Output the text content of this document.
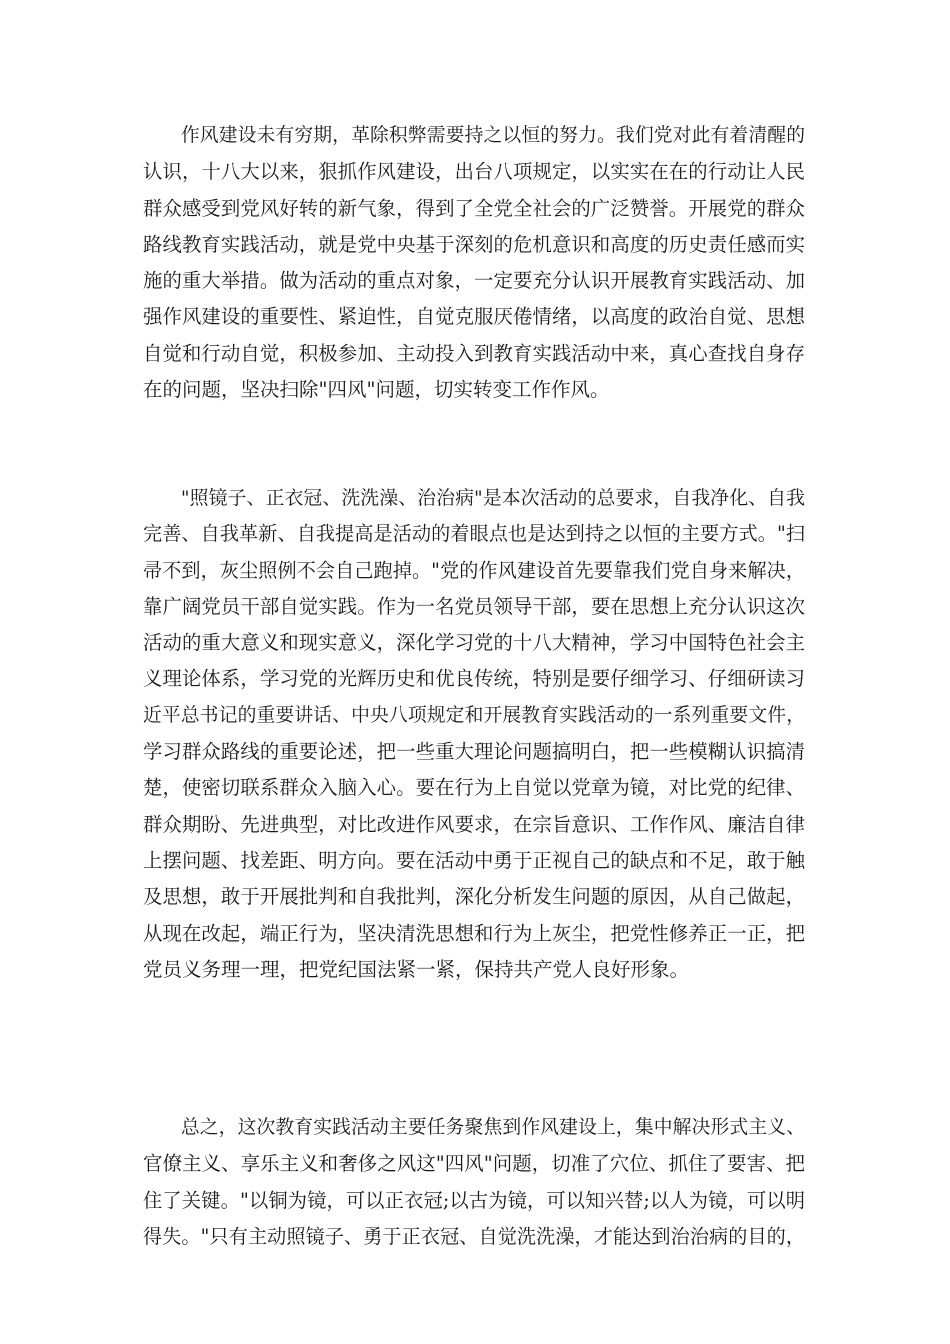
　　作风建设未有穷期，革除积弊需要持之以恒的努力。我们党对此有着清醒的
认识，十八大以来，狠抓作风建设，出台八项规定，以实实在在的行动让人民
群众感受到党风好转的新气象，得到了全党全社会的广泛赞誉。开展党的群众
路线教育实践活动，就是党中央基于深刻的危机意识和高度的历史责任感而实
施的重大举措。做为活动的重点对象，一定要充分认识开展教育实践活动、加
强作风建设的重要性、紧迫性，自觉克服厌倦情绪，以高度的政治自觉、思想
自觉和行动自觉，积极参加、主动投入到教育实践活动中来，真心查找自身存
在的问题，坚决扫除"四风"问题，切实转变工作作风。
　　"照镜子、正衣冠、洗洗澡、治治病"是本次活动的总要求，自我净化、自我
完善、自我革新、自我提高是活动的着眼点也是达到持之以恒的主要方式。"扫
帚不到，灰尘照例不会自己跑掉。"党的作风建设首先要靠我们党自身来解决，
靠广阔党员干部自觉实践。作为一名党员领导干部，要在思想上充分认识这次
活动的重大意义和现实意义，深化学习党的十八大精神，学习中国特色社会主
义理论体系，学习党的光辉历史和优良传统，特别是要仔细学习、仔细研读习
近平总书记的重要讲话、中央八项规定和开展教育实践活动的一系列重要文件，
学习群众路线的重要论述，把一些重大理论问题搞明白，把一些模糊认识搞清
楚，使密切联系群众入脑入心。要在行为上自觉以党章为镜，对比党的纪律、
群众期盼、先进典型，对比改进作风要求，在宗旨意识、工作作风、廉洁自律
上摆问题、找差距、明方向。要在活动中勇于正视自己的缺点和不足，敢于触
及思想，敢于开展批判和自我批判，深化分析发生问题的原因，从自己做起，
从现在改起，端正行为，坚决清洗思想和行为上灰尘，把党性修养正一正，把
党员义务理一理，把党纪国法紧一紧，保持共产党人良好形象。
　　总之，这次教育实践活动主要任务聚焦到作风建设上，集中解决形式主义、
官僚主义、享乐主义和奢侈之风这"四风"问题，切准了穴位、抓住了要害、把
住了关键。"以铜为镜，可以正衣冠;以古为镜，可以知兴替;以人为镜，可以明
得失。"只有主动照镜子、勇于正衣冠、自觉洗洗澡，才能达到治治病的目的，
